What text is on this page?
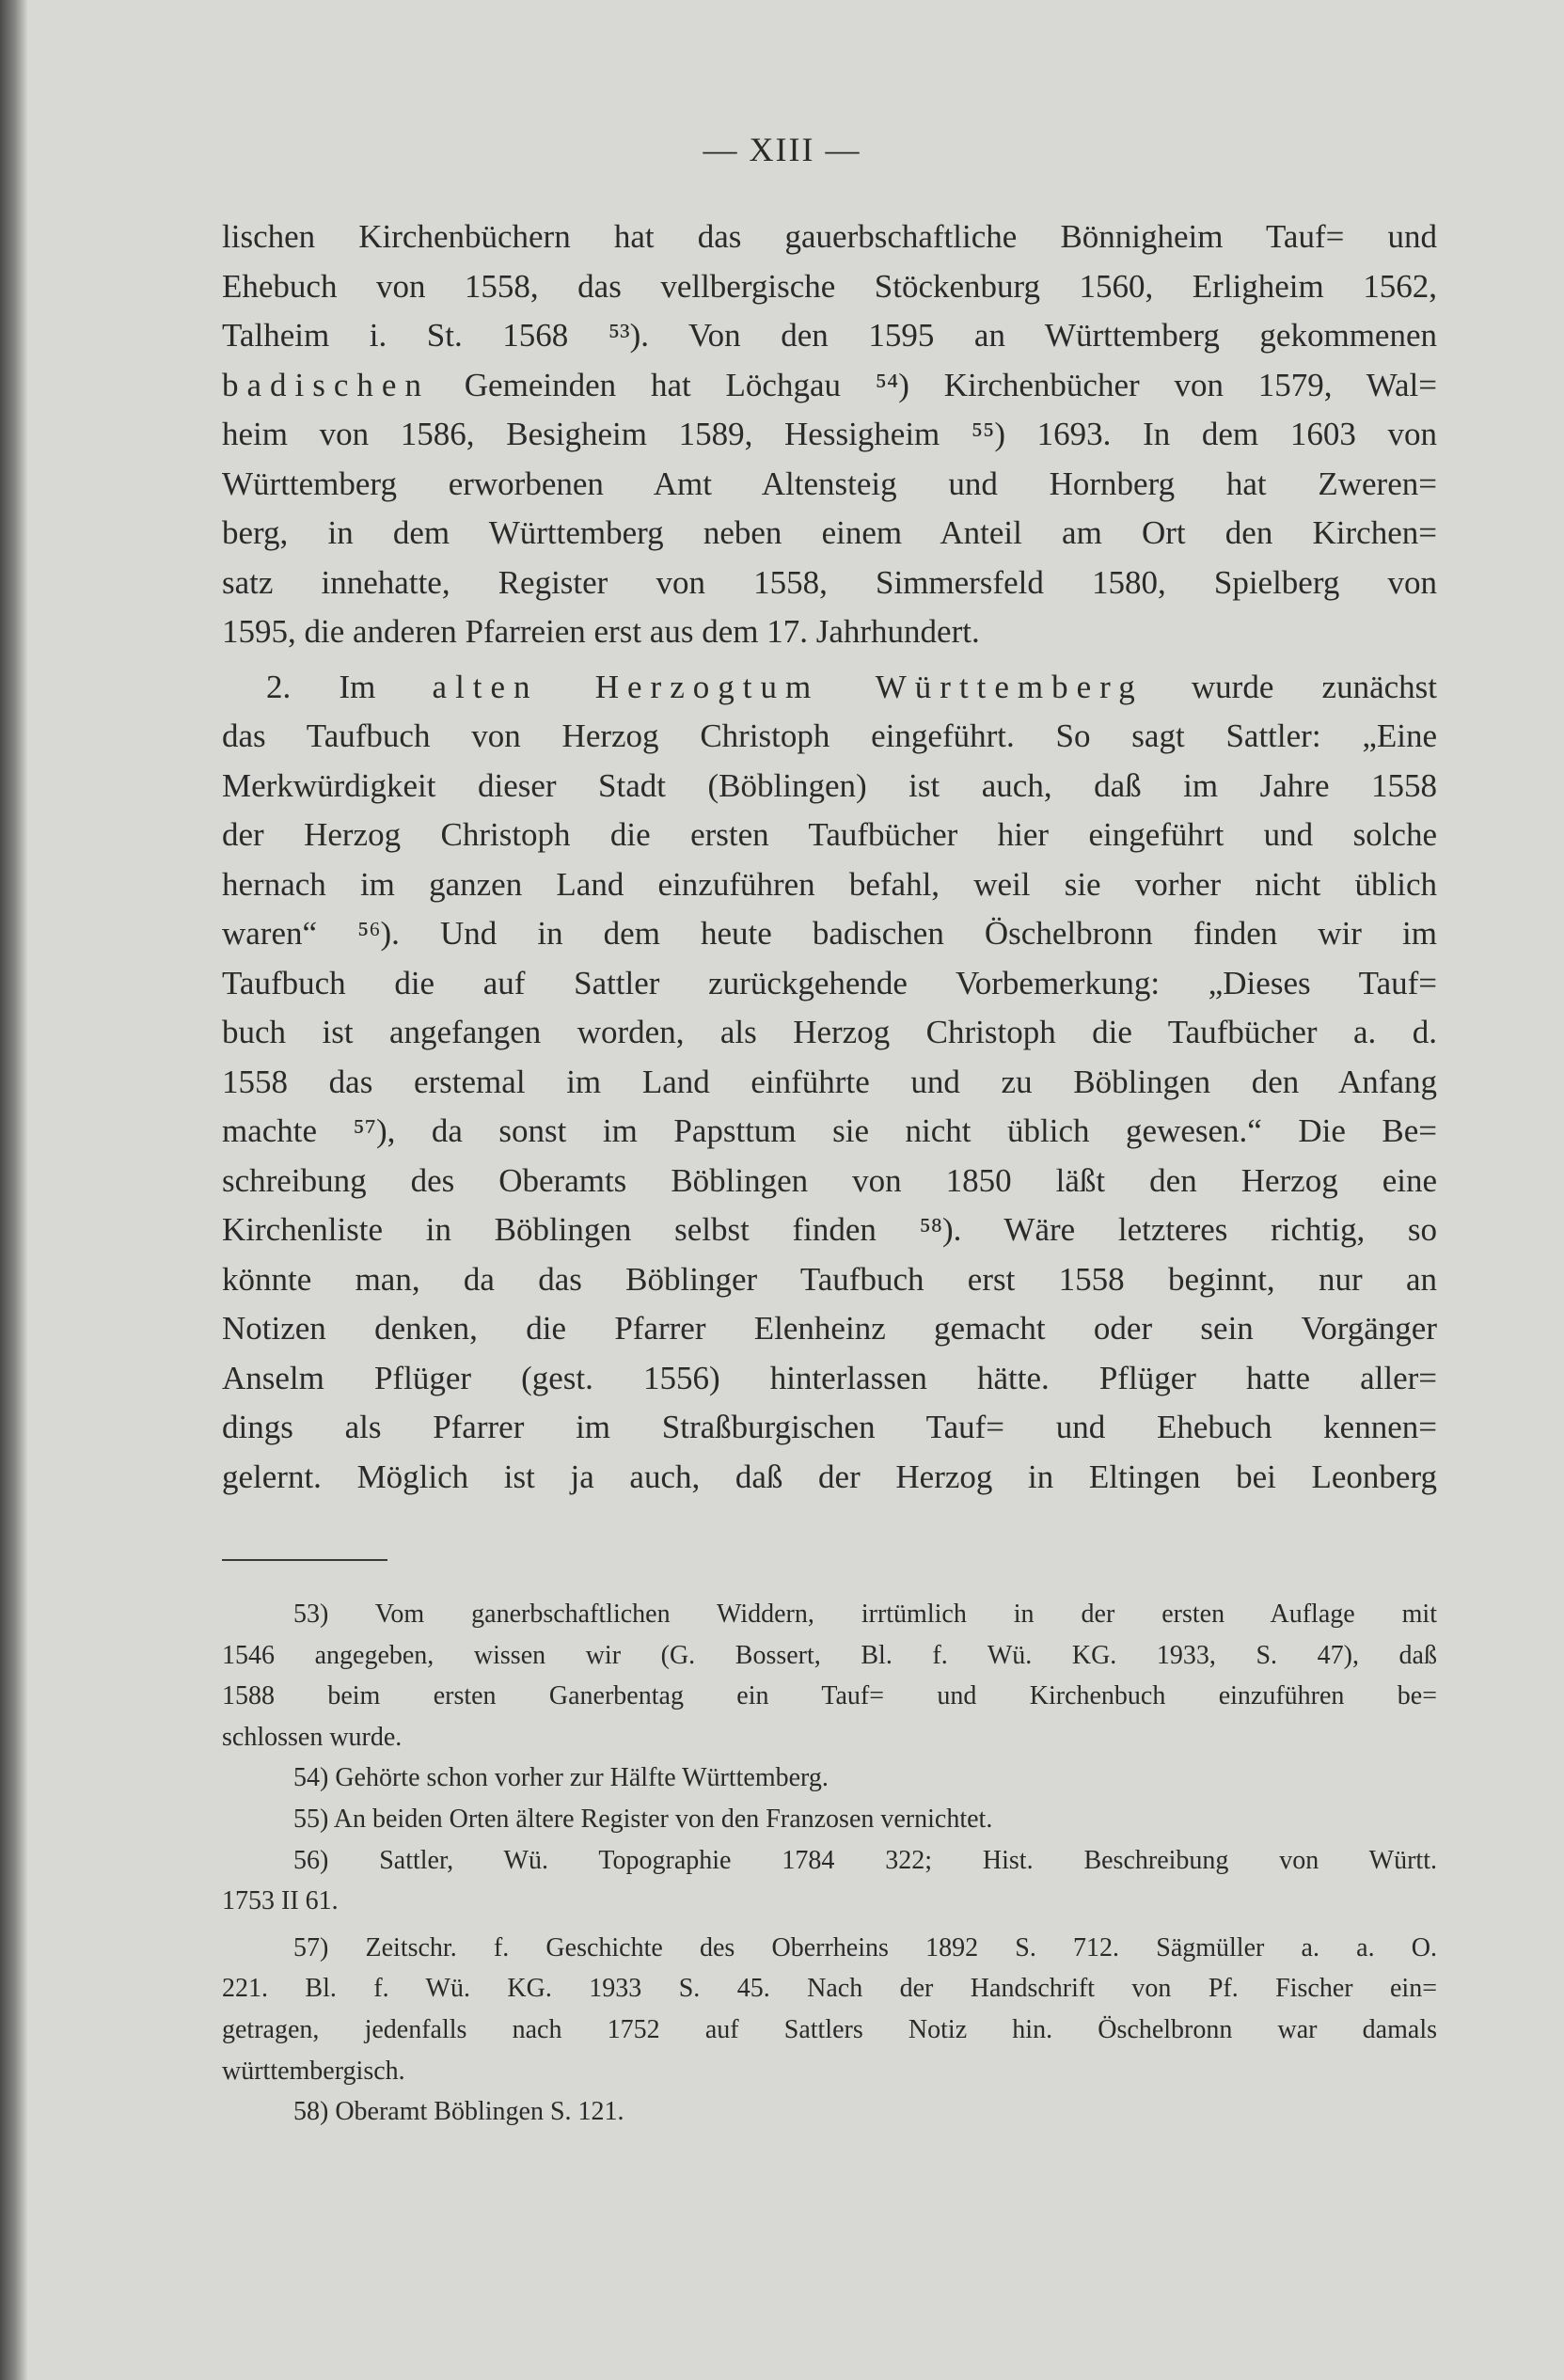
— XIII —
lischen Kirchenbüchern hat das gauerbschaftliche Bönnigheim Tauf= und
Ehebuch von 1558, das vellbergische Stöckenburg 1560, Erligheim 1562,
Talheim i. St. 1568 ⁵³). Von den 1595 an Württemberg gekommenen
badischen Gemeinden hat Löchgau ⁵⁴) Kirchenbücher von 1579, Wal=
heim von 1586, Besigheim 1589, Hessigheim ⁵⁵) 1693. In dem 1603 von
Württemberg erworbenen Amt Altensteig und Hornberg hat Zweren=
berg, in dem Württemberg neben einem Anteil am Ort den Kirchen=
satz innehatte, Register von 1558, Simmersfeld 1580, Spielberg von
1595, die anderen Pfarreien erst aus dem 17. Jahrhundert.
2. Im alten Herzogtum Württemberg wurde zunächst
das Taufbuch von Herzog Christoph eingeführt. So sagt Sattler: „Eine
Merkwürdigkeit dieser Stadt (Böblingen) ist auch, daß im Jahre 1558
der Herzog Christoph die ersten Taufbücher hier eingeführt und solche
hernach im ganzen Land einzuführen befahl, weil sie vorher nicht üblich
waren“ ⁵⁶). Und in dem heute badischen Öschelbronn finden wir im
Taufbuch die auf Sattler zurückgehende Vorbemerkung: „Dieses Tauf=
buch ist angefangen worden, als Herzog Christoph die Taufbücher a. d.
1558 das erstemal im Land einführte und zu Böblingen den Anfang
machte ⁵⁷), da sonst im Papsttum sie nicht üblich gewesen.“ Die Be=
schreibung des Oberamts Böblingen von 1850 läßt den Herzog eine
Kirchenliste in Böblingen selbst finden ⁵⁸). Wäre letzteres richtig, so
könnte man, da das Böblinger Taufbuch erst 1558 beginnt, nur an
Notizen denken, die Pfarrer Elenheinz gemacht oder sein Vorgänger
Anselm Pflüger (gest. 1556) hinterlassen hätte. Pflüger hatte aller=
dings als Pfarrer im Straßburgischen Tauf= und Ehebuch kennen=
gelernt. Möglich ist ja auch, daß der Herzog in Eltingen bei Leonberg
53) Vom ganerbschaftlichen Widdern, irrtümlich in der ersten Auflage mit
1546 angegeben, wissen wir (G. Bossert, Bl. f. Wü. KG. 1933, S. 47), daß
1588 beim ersten Ganerbentag ein Tauf= und Kirchenbuch einzuführen be=
schlossen wurde.
54) Gehörte schon vorher zur Hälfte Württemberg.
55) An beiden Orten ältere Register von den Franzosen vernichtet.
56) Sattler, Wü. Topographie 1784 322; Hist. Beschreibung von Württ.
1753 II 61.
57) Zeitschr. f. Geschichte des Oberrheins 1892 S. 712. Sägmüller a. a. O.
221. Bl. f. Wü. KG. 1933 S. 45. Nach der Handschrift von Pf. Fischer ein=
getragen, jedenfalls nach 1752 auf Sattlers Notiz hin. Öschelbronn war damals
württembergisch.
58) Oberamt Böblingen S. 121.
